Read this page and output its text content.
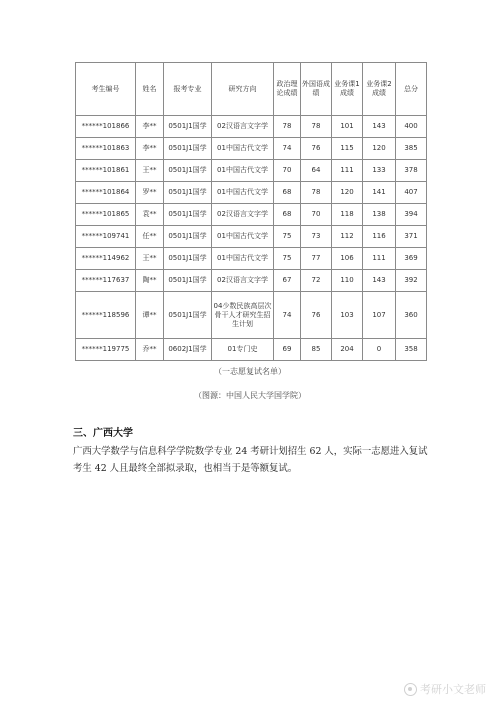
考生编号	姓名	报考专业	研究方向	政治理论成绩	外国语成绩	业务课1成绩	业务课2成绩	总分
******101866	李**	0501J1国学	02汉语言文字学	78	78	101	143	400
******101863	李**	0501J1国学	01中国古代文学	74	76	115	120	385
******101861	王**	0501J1国学	01中国古代文学	70	64	111	133	378
******101864	罗**	0501J1国学	01中国古代文学	68	78	120	141	407
******101865	袁**	0501J1国学	02汉语言文字学	68	70	118	138	394
******109741	任**	0501J1国学	01中国古代文学	75	73	112	116	371
******114962	王**	0501J1国学	01中国古代文学	75	77	106	111	369
******117637	陶**	0501J1国学	02汉语言文字学	67	72	110	143	392
******118596	谭**	0501J1国学	04少数民族高层次骨干人才研究生招生计划	74	76	103	107	360
******119775	乔**	0602J1国学	01专门史	69	85	204	0	358
（一志愿复试名单）
（图源：中国人民大学国学院）
三、广西大学

广西大学数学与信息科学学院数学专业 24 考研计划招生 62 人，实际一志愿进入复试考生 42 人且最终全部拟录取，也相当于是等额复试。

考研小文老师
